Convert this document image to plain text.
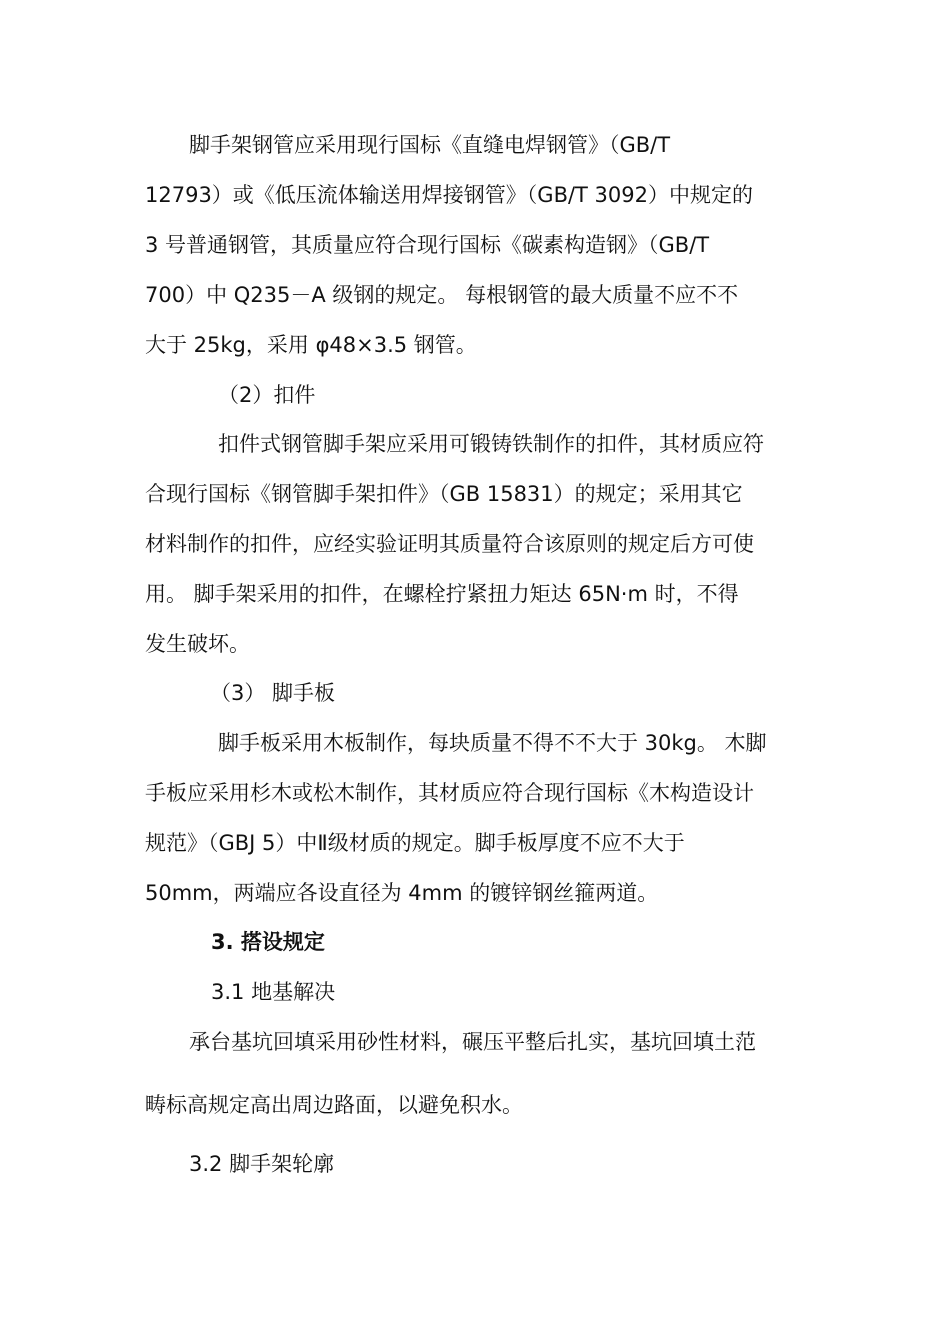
脚手架钢管应采用现行国标《直缝电焊钢管》（GB/T
12793）或《低压流体输送用焊接钢管》（GB/T 3092）中规定的
3 号普通钢管，其质量应符合现行国标《碳素构造钢》（GB/T
700）中 Q235－A 级钢的规定。 每根钢管的最大质量不应不不
大于 25kg，采用 φ48×3.5 钢管。
（2）扣件
扣件式钢管脚手架应采用可锻铸铁制作的扣件，其材质应符
合现行国标《钢管脚手架扣件》（GB 15831）的规定；采用其它
材料制作的扣件，应经实验证明其质量符合该原则的规定后方可使
用。 脚手架采用的扣件，在螺栓拧紧扭力矩达 65N·m 时，不得
发生破坏。
（3） 脚手板
脚手板采用木板制作，每块质量不得不不大于 30kg。 木脚
手板应采用杉木或松木制作，其材质应符合现行国标《木构造设计
规范》（GBJ 5）中Ⅱ级材质的规定。脚手板厚度不应不大于
50mm，两端应各设直径为 4mm 的镀锌钢丝箍两道。
3. 搭设规定
3.1 地基解决
承台基坑回填采用砂性材料，碾压平整后扎实，基坑回填土范
畴标高规定高出周边路面，以避免积水。
3.2 脚手架轮廓
